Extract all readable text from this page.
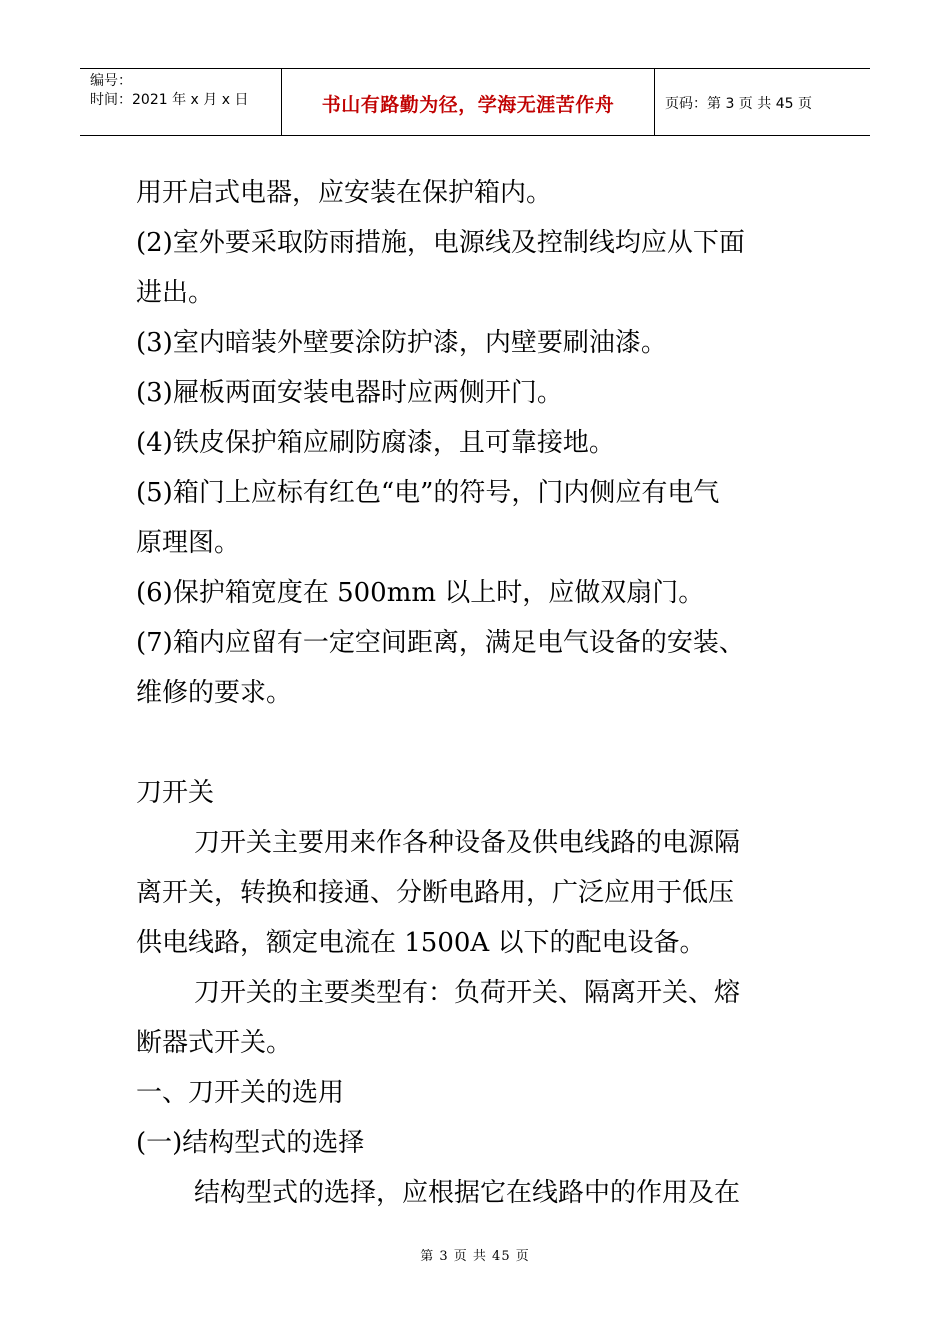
编号：
时间：2021 年 x 月 x 日	书山有路勤为径，学海无涯苦作舟	页码：第 3 页 共 45 页

用开启式电器，应安装在保护箱内。

(2)室外要采取防雨措施，电源线及控制线均应从下面

进出。

(3)室内暗装外壁要涂防护漆，内壁要刷油漆。

(3)屜板两面安装电器时应两侧开门。

(4)铁皮保护箱应刷防腐漆，且可靠接地。

(5)箱门上应标有红色“电”的符号，门内侧应有电气

原理图。

(6)保护箱宽度在 500mm 以上时，应做双扇门。

(7)箱内应留有一定空间距离，满足电气设备的安装、

维修的要求。

刀开关

刀开关主要用来作各种设备及供电线路的电源隔

离开关，转换和接通、分断电路用，广泛应用于低压

供电线路，额定电流在 1500A 以下的配电设备。

刀开关的主要类型有：负荷开关、隔离开关、熔

断器式开关。

一、刀开关的选用

(一)结构型式的选择

结构型式的选择，应根据它在线路中的作用及在

第 3 页 共 45 页
